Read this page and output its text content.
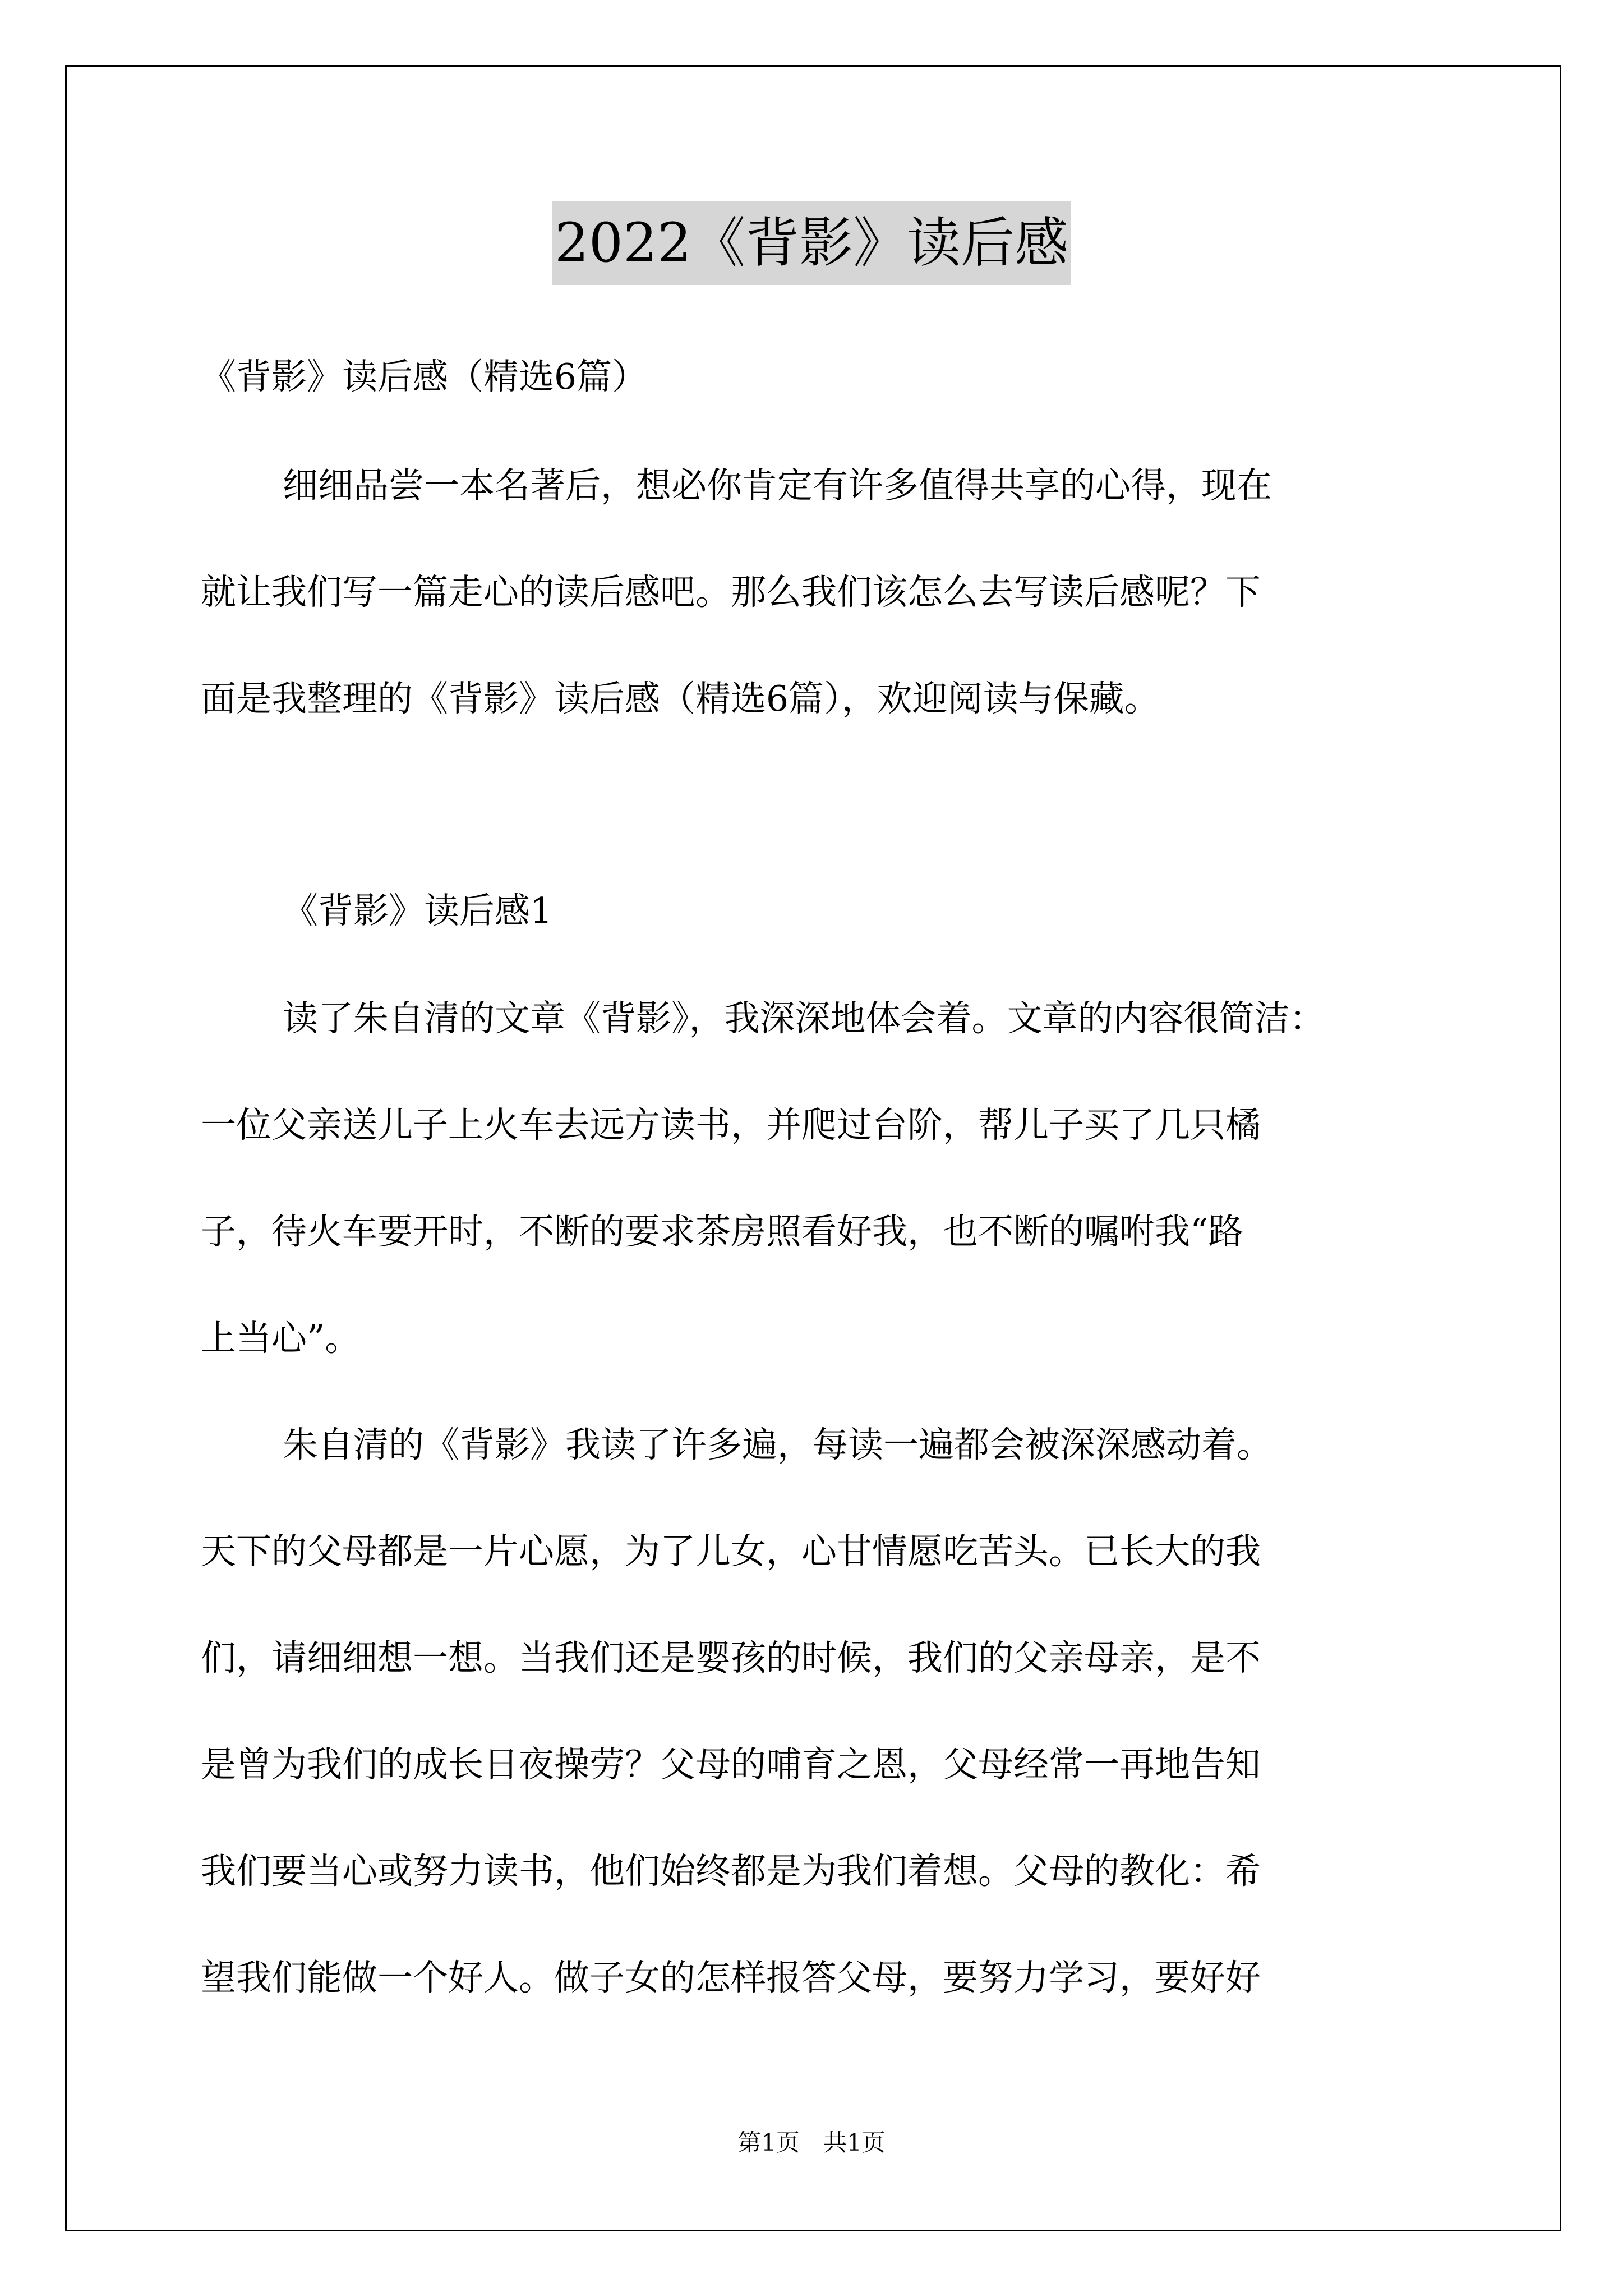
2022《背影》读后感
《背影》读后感（精选6篇）
细细品尝一本名著后，想必你肯定有许多值得共享的心得，现在
就让我们写一篇走心的读后感吧。那么我们该怎么去写读后感呢？下
面是我整理的《背影》读后感（精选6篇），欢迎阅读与保藏。
《背影》读后感1
读了朱自清的文章《背影》，我深深地体会着。文章的内容很简洁：
一位父亲送儿子上火车去远方读书，并爬过台阶，帮儿子买了几只橘
子，待火车要开时，不断的要求茶房照看好我，也不断的嘱咐我“路
上当心”。
朱自清的《背影》我读了许多遍，每读一遍都会被深深感动着。
天下的父母都是一片心愿，为了儿女，心甘情愿吃苦头。已长大的我
们，请细细想一想。当我们还是婴孩的时候，我们的父亲母亲，是不
是曾为我们的成长日夜操劳？父母的哺育之恩，父母经常一再地告知
我们要当心或努力读书，他们始终都是为我们着想。父母的教化：希
望我们能做一个好人。做子女的怎样报答父母，要努力学习，要好好
第1页　共1页
